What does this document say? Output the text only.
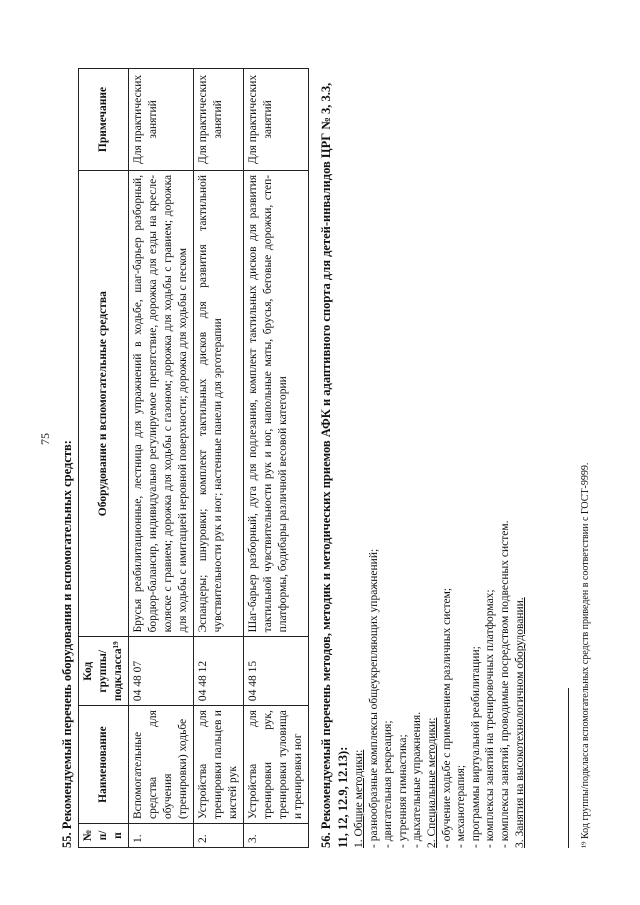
75
55. Рекомендуемый перечень оборудования и вспомогательных средств: № п/п	Наименование	Код группы/ подкласса¹⁹	Оборудование и вспомогательные средства	Примечание
1.	Вспомогательные средства для обучения (тренировки) ходьбе	04 48 07	Брусья реабилитационные, лестница для упражнений в ходьбе, шаг-барьер разборный, бордюр-балансир, индивидуально регулируемое препятствие, дорожка для езды на кресле-коляске с гравием; дорожка для ходьбы с газоном; дорожка для ходьбы с гравием; дорожка для ходьбы с имитацией неровной поверхности; дорожка для ходьбы с песком	Для практических занятий
2.	Устройства для тренировки пальцев и кистей рук	04 48 12	Эспандеры; шнуровки; комплект тактильных дисков для развития тактильной чувствительности рук и ног; настенные панели для эрготерапии	Для практических занятий
3.	Устройства для тренировки рук, тренировки туловища и тренировки ног	04 48 15	Шаг-барьер разборный, дуга для подлезания, комплект тактильных дисков для развития тактильной чувствительности рук и ног, напольные маты, брусья, беговые дорожки, степ-платформы, бодибары различной весовой категории	Для практических занятий	56. Рекомендуемый перечень методов, методик и методических приемов АФК и адаптивного спорта для детей-инвалидов ЦРГ № 3, 3.3, 11, 12, 12.9, 12.13): 1. Общие методики: - разнообразные комплексы общеукрепляющих упражнений; - двигательная рекреация; - утренняя гимнастика; - дыхательные упражнения. 2. Специальные методики: - обучение ходьбе с применением различных систем; - механотерапия; - программы виртуальной реабилитации; - комплексы занятий на тренировочных платформах; - комплексы занятий, проводимые посредством подвесных систем. 3. Занятия на высокотехнологичном оборудовании.	¹⁹ Код группы/подкласса вспомогательных средств приведен в соответствии с ГОСТ-9999.
